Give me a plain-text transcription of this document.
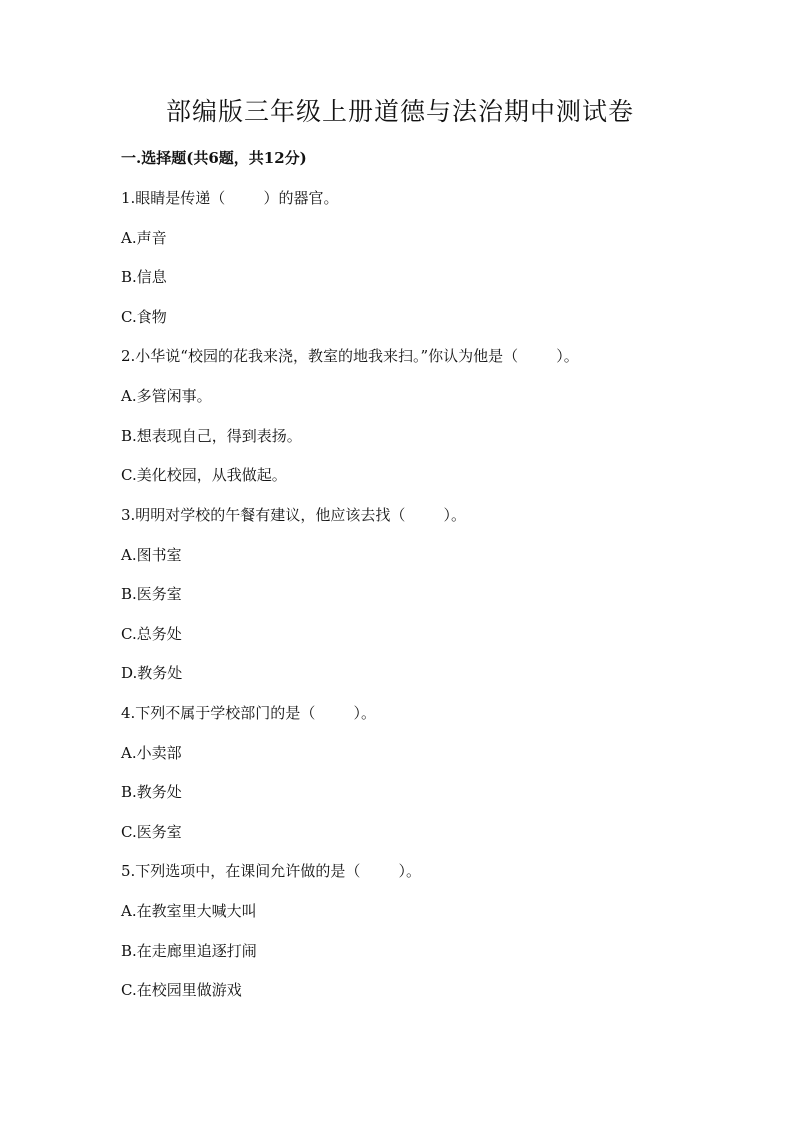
部编版三年级上册道德与法治期中测试卷
一.选择题(共6题，共12分)
1.眼睛是传递（        ）的器官。
A.声音
B.信息
C.食物
2.小华说“校园的花我来浇，教室的地我来扫。”你认为他是（        ）。
A.多管闲事。
B.想表现自己，得到表扬。
C.美化校园，从我做起。
3.明明对学校的午餐有建议，他应该去找（        ）。
A.图书室
B.医务室
C.总务处
D.教务处
4.下列不属于学校部门的是（        ）。
A.小卖部
B.教务处
C.医务室
5.下列选项中，在课间允许做的是（        ）。
A.在教室里大喊大叫
B.在走廊里追逐打闹
C.在校园里做游戏
